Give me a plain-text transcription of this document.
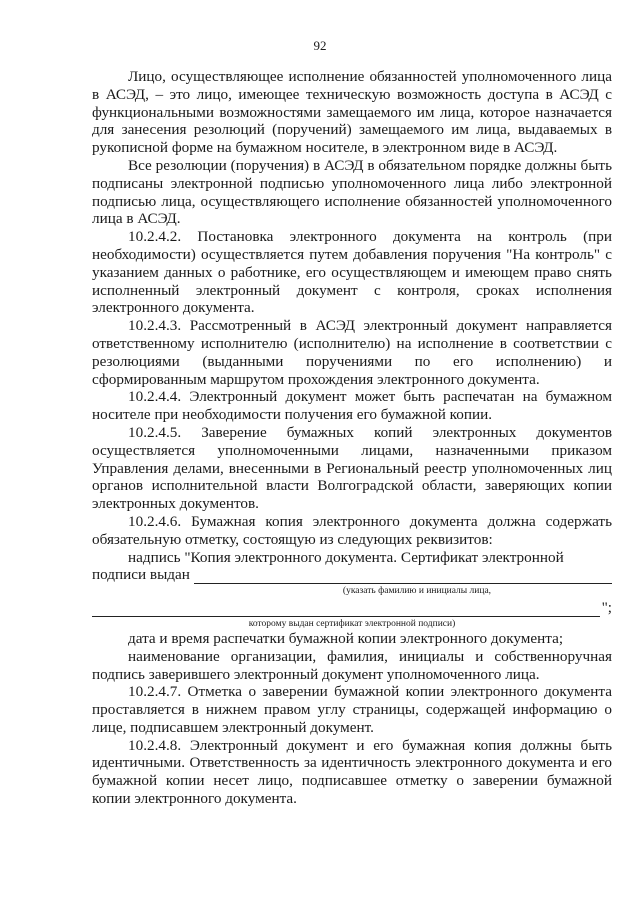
92

Лицо, осуществляющее исполнение обязанностей уполномоченного лица в АСЭД, – это лицо, имеющее техническую возможность доступа в АСЭД с функциональными возможностями замещаемого им лица, которое назначается для занесения резолюций (поручений) замещаемого им лица, выдаваемых в рукописной форме на бумажном носителе, в электронном виде в АСЭД.

Все резолюции (поручения) в АСЭД в обязательном порядке должны быть подписаны электронной подписью уполномоченного лица либо электронной подписью лица, осуществляющего исполнение обязанностей уполномоченного лица в АСЭД.

10.2.4.2. Постановка электронного документа на контроль (при необходимости) осуществляется путем добавления поручения "На контроль" с указанием данных о работнике, его осуществляющем и имеющем право снять исполненный электронный документ с контроля, сроках исполнения электронного документа.

10.2.4.3. Рассмотренный в АСЭД электронный документ направляется ответственному исполнителю (исполнителю) на исполнение в соответствии с резолюциями (выданными поручениями по его исполнению) и сформированным маршрутом прохождения электронного документа.

10.2.4.4. Электронный документ может быть распечатан на бумажном носителе при необходимости получения его бумажной копии.

10.2.4.5. Заверение бумажных копий электронных документов осуществляется уполномоченными лицами, назначенными приказом Управления делами, внесенными в Региональный реестр уполномоченных лиц органов исполнительной власти Волгоградской области, заверяющих копии электронных документов.

10.2.4.6. Бумажная копия электронного документа должна содержать обязательную отметку, состоящую из следующих реквизитов:

надпись "Копия электронного документа. Сертификат электронной

подписи выдан
(указать фамилию и инициалы лица,
";
которому выдан сертификат электронной подписи)

дата и время распечатки бумажной копии электронного документа;

наименование организации, фамилия, инициалы и собственноручная подпись заверившего электронный документ уполномоченного лица.

10.2.4.7. Отметка о заверении бумажной копии электронного документа проставляется в нижнем правом углу страницы, содержащей информацию о лице, подписавшем электронный документ.

10.2.4.8. Электронный документ и его бумажная копия должны быть идентичными. Ответственность за идентичность электронного документа и его бумажной копии несет лицо, подписавшее отметку о заверении бумажной копии электронного документа.
